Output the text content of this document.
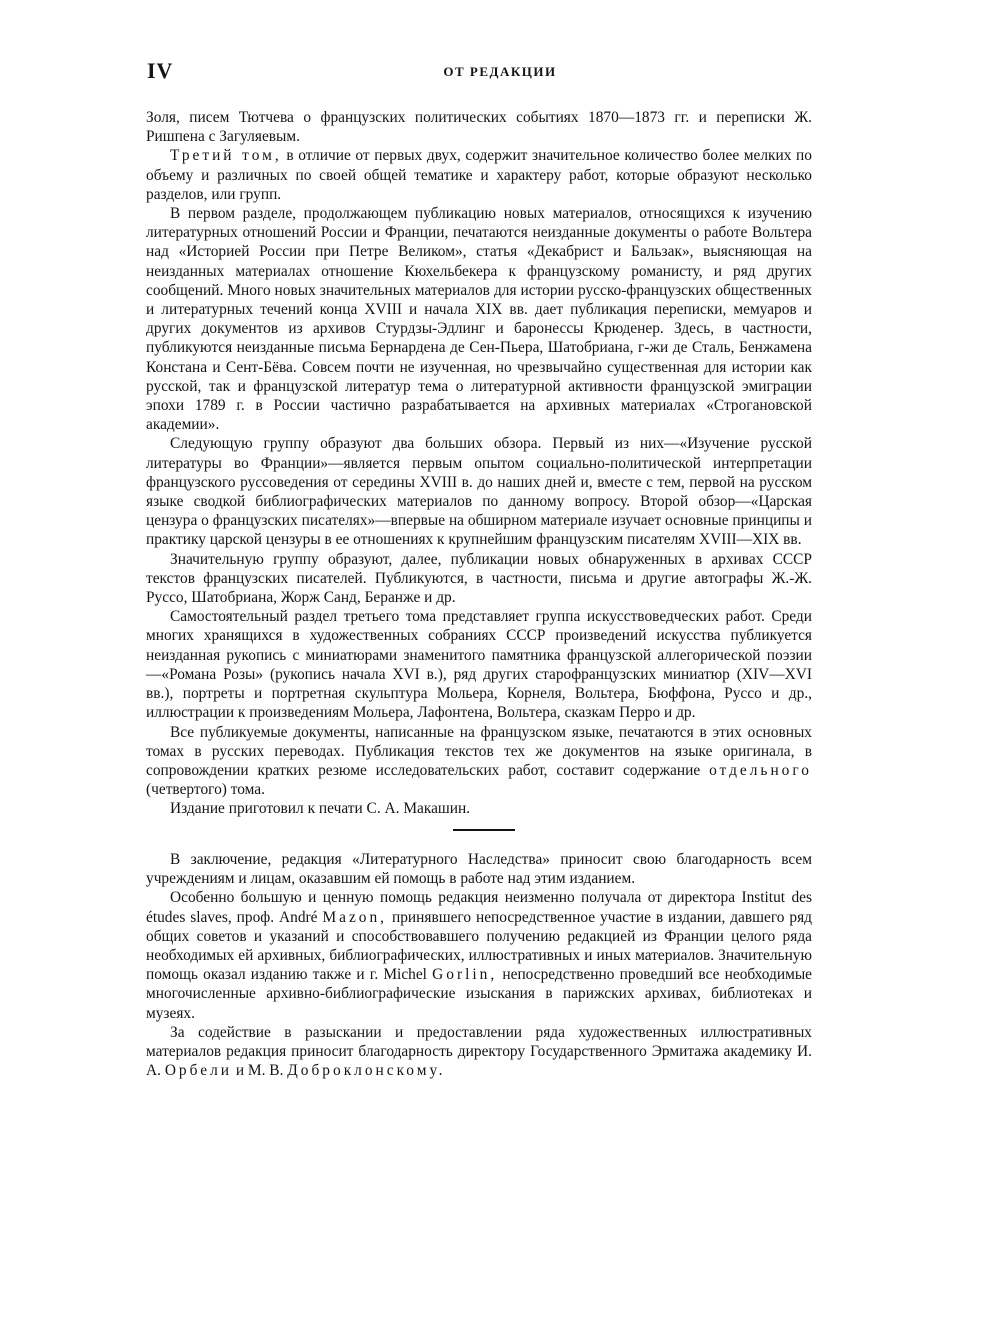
IV	ОТ РЕДАКЦИИ

Золя, писем Тютчева о французских политических событиях 1870—1873 гг. и переписки Ж. Ришпена с Загуляевым.

Третий том, в отличие от первых двух, содержит значительное количество более мелких по объему и различных по своей общей тематике и характеру работ, которые образуют несколько разделов, или групп.

В первом разделе, продолжающем публикацию новых материалов, относящихся к изучению литературных отношений России и Франции, печатаются неизданные документы о работе Вольтера над «Историей России при Петре Великом», статья «Декабрист и Бальзак», выясняющая на неизданных материалах отношение Кюхельбекера к французскому романисту, и ряд других сообщений. Много новых значительных материалов для истории русско-французских общественных и литературных течений конца XVIII и начала XIX вв. дает публикация переписки, мемуаров и других документов из архивов Стурдзы-Эдлинг и баронессы Крюденер. Здесь, в частности, публикуются неизданные письма Бернардена де Сен-Пьера, Шатобриана, г-жи де Сталь, Бенжамена Констана и Сент-Бёва. Совсем почти не изученная, но чрезвычайно существенная для истории как русской, так и французской литератур тема о литературной активности французской эмиграции эпохи 1789 г. в России частично разрабатывается на архивных материалах «Строгановской академии».

Следующую группу образуют два больших обзора. Первый из них—«Изучение русской литературы во Франции»—является первым опытом социально-политической интерпретации французского руссоведения от середины XVIII в. до наших дней и, вместе с тем, первой на русском языке сводкой библиографических материалов по данному вопросу. Второй обзор—«Царская цензура о французских писателях»—впервые на обширном материале изучает основные принципы и практику царской цензуры в ее отношениях к крупнейшим французским писателям XVIII—XIX вв.

Значительную группу образуют, далее, публикации новых обнаруженных в архивах СССР текстов французских писателей. Публикуются, в частности, письма и другие автографы Ж.-Ж. Руссо, Шатобриана, Жорж Санд, Беранже и др.

Самостоятельный раздел третьего тома представляет группа искусствоведческих работ. Среди многих хранящихся в художественных собраниях СССР произведений искусства публикуется неизданная рукопись с миниатюрами знаменитого памятника французской аллегорической поэзии—«Романа Розы» (рукопись начала XVI в.), ряд других старофранцузских миниатюр (XIV—XVI вв.), портреты и портретная скульптура Мольера, Корнеля, Вольтера, Бюффона, Руссо и др., иллюстрации к произведениям Мольера, Лафонтена, Вольтера, сказкам Перро и др.

Все публикуемые документы, написанные на французском языке, печатаются в этих основных томах в русских переводах. Публикация текстов тех же документов на языке оригинала, в сопровождении кратких резюме исследовательских работ, составит содержание отдельного (четвертого) тома.

Издание приготовил к печати С. А. Макашин.

В заключение, редакция «Литературного Наследства» приносит свою благодарность всем учреждениям и лицам, оказавшим ей помощь в работе над этим изданием.

Особенно большую и ценную помощь редакция неизменно получала от директора Institut des études slaves, проф. André Mazon, принявшего непосредственное участие в издании, давшего ряд общих советов и указаний и способствовавшего получению редакцией из Франции целого ряда необходимых ей архивных, библиографических, иллюстративных и иных материалов. Значительную помощь оказал изданию также и г. Michel Gorlin, непосредственно проведший все необходимые многочисленные архивно-библиографические изыскания в парижских архивах, библиотеках и музеях.

За содействие в разыскании и предоставлении ряда художественных иллюстративных материалов редакция приносит благодарность директору Государственного Эрмитажа академику И. А. Орбели и М. В. Доброклонскому.
